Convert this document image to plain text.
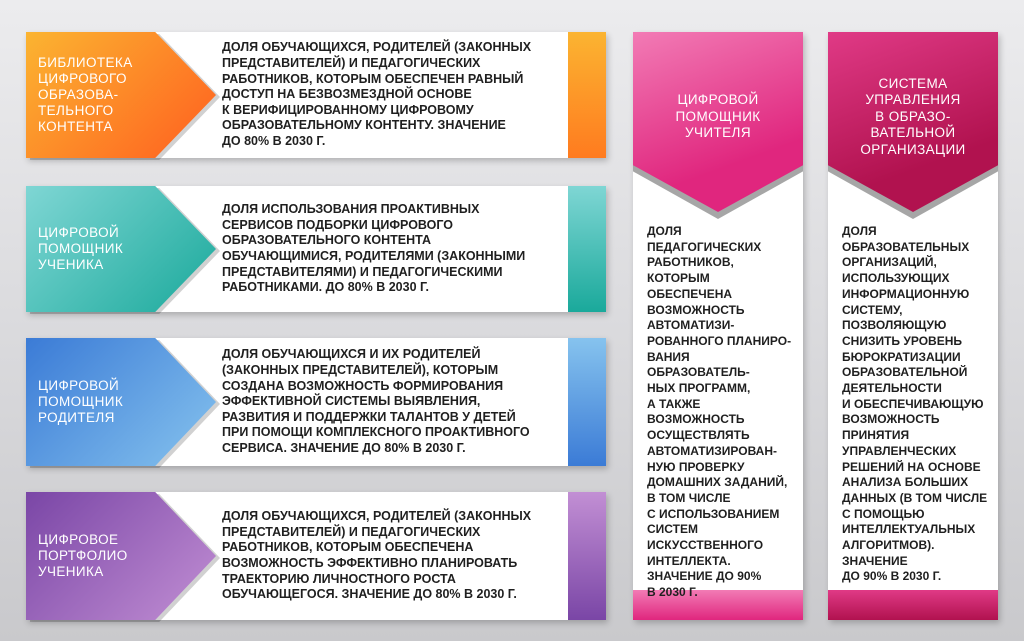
БИБЛИОТЕКА
ЦИФРОВОГО
ОБРАЗОВА-
ТЕЛЬНОГО
КОНТЕНТА
ДОЛЯ ОБУЧАЮЩИХСЯ, РОДИТЕЛЕЙ (ЗАКОННЫХ
ПРЕДСТАВИТЕЛЕЙ) И ПЕДАГОГИЧЕСКИХ
РАБОТНИКОВ, КОТОРЫМ ОБЕСПЕЧЕН РАВНЫЙ
ДОСТУП НА БЕЗВОЗМЕЗДНОЙ ОСНОВЕ
К ВЕРИФИЦИРОВАННОМУ ЦИФРОВОМУ
ОБРАЗОВАТЕЛЬНОМУ КОНТЕНТУ. ЗНАЧЕНИЕ
ДО 80% В 2030 Г.
ЦИФРОВОЙ
ПОМОЩНИК
УЧЕНИКА
ДОЛЯ ИСПОЛЬЗОВАНИЯ ПРОАКТИВНЫХ
СЕРВИСОВ ПОДБОРКИ ЦИФРОВОГО
ОБРАЗОВАТЕЛЬНОГО КОНТЕНТА
ОБУЧАЮЩИМИСЯ, РОДИТЕЛЯМИ (ЗАКОННЫМИ
ПРЕДСТАВИТЕЛЯМИ) И ПЕДАГОГИЧЕСКИМИ
РАБОТНИКАМИ. ДО 80% В 2030 Г.
ЦИФРОВОЙ
ПОМОЩНИК
РОДИТЕЛЯ
ДОЛЯ ОБУЧАЮЩИХСЯ И ИХ РОДИТЕЛЕЙ
(ЗАКОННЫХ ПРЕДСТАВИТЕЛЕЙ), КОТОРЫМ
СОЗДАНА ВОЗМОЖНОСТЬ ФОРМИРОВАНИЯ
ЭФФЕКТИВНОЙ СИСТЕМЫ ВЫЯВЛЕНИЯ,
РАЗВИТИЯ И ПОДДЕРЖКИ ТАЛАНТОВ У ДЕТЕЙ
ПРИ ПОМОЩИ КОМПЛЕКСНОГО ПРОАКТИВНОГО
СЕРВИСА. ЗНАЧЕНИЕ ДО 80% В 2030 Г.
ЦИФРОВОЕ
ПОРТФОЛИО
УЧЕНИКА
ДОЛЯ ОБУЧАЮЩИХСЯ, РОДИТЕЛЕЙ (ЗАКОННЫХ
ПРЕДСТАВИТЕЛЕЙ) И ПЕДАГОГИЧЕСКИХ
РАБОТНИКОВ, КОТОРЫМ ОБЕСПЕЧЕНА
ВОЗМОЖНОСТЬ ЭФФЕКТИВНО ПЛАНИРОВАТЬ
ТРАЕКТОРИЮ ЛИЧНОСТНОГО РОСТА
ОБУЧАЮЩЕГОСЯ. ЗНАЧЕНИЕ ДО 80% В 2030 Г.
ЦИФРОВОЙ
ПОМОЩНИК
УЧИТЕЛЯ
ДОЛЯ
ПЕДАГОГИЧЕСКИХ
РАБОТНИКОВ,
КОТОРЫМ
ОБЕСПЕЧЕНА
ВОЗМОЖНОСТЬ
АВТОМАТИЗИ-
РОВАННОГО ПЛАНИРО-
ВАНИЯ ОБРАЗОВАТЕЛЬ-
НЫХ ПРОГРАММ,
А ТАКЖЕ
ВОЗМОЖНОСТЬ
ОСУЩЕСТВЛЯТЬ
АВТОМАТИЗИРОВАН-
НУЮ ПРОВЕРКУ
ДОМАШНИХ ЗАДАНИЙ,
В ТОМ ЧИСЛЕ
С ИСПОЛЬЗОВАНИЕМ
СИСТЕМ
ИСКУССТВЕННОГО
ИНТЕЛЛЕКТА.
ЗНАЧЕНИЕ ДО 90%
В 2030 Г.
СИСТЕМА
УПРАВЛЕНИЯ
В ОБРАЗО-
ВАТЕЛЬНОЙ
ОРГАНИЗАЦИИ
ДОЛЯ
ОБРАЗОВАТЕЛЬНЫХ
ОРГАНИЗАЦИЙ,
ИСПОЛЬЗУЮЩИХ
ИНФОРМАЦИОННУЮ
СИСТЕМУ,
ПОЗВОЛЯЮЩУЮ
СНИЗИТЬ УРОВЕНЬ
БЮРОКРАТИЗАЦИИ
ОБРАЗОВАТЕЛЬНОЙ
ДЕЯТЕЛЬНОСТИ
И ОБЕСПЕЧИВАЮЩУЮ
ВОЗМОЖНОСТЬ
ПРИНЯТИЯ
УПРАВЛЕНЧЕСКИХ
РЕШЕНИЙ НА ОСНОВЕ
АНАЛИЗА БОЛЬШИХ
ДАННЫХ (В ТОМ ЧИСЛЕ
С ПОМОЩЬЮ
ИНТЕЛЛЕКТУАЛЬНЫХ
АЛГОРИТМОВ).
ЗНАЧЕНИЕ
ДО 90% В 2030 Г.
